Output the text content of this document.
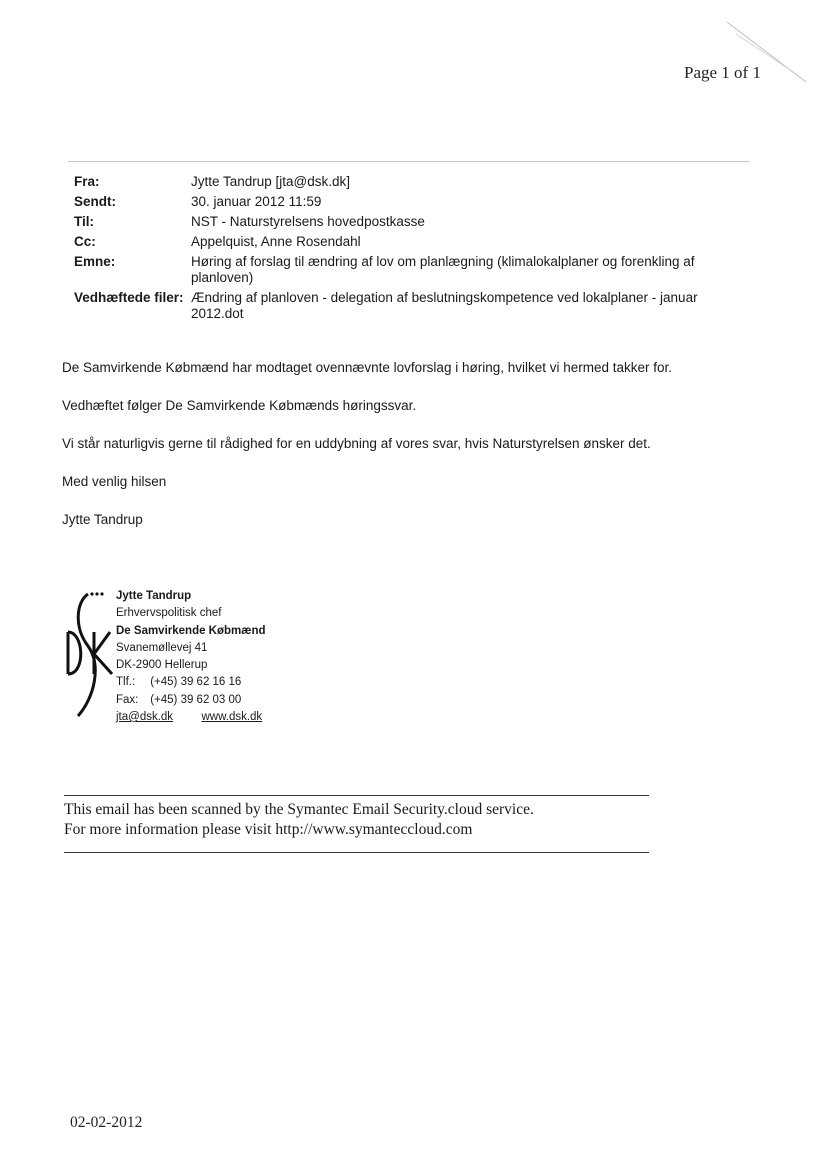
Page 1 of 1
Fra:	Jytte Tandrup [jta@dsk.dk]
Sendt:	30. januar 2012 11:59
Til:	NST - Naturstyrelsens hovedpostkasse
Cc:	Appelquist, Anne Rosendahl
Emne:	Høring af forslag til ændring af lov om planlægning (klimalokalplaner og forenkling af planloven)
Vedhæftede filer: Ændring af planloven - delegation af beslutningskompetence ved lokalplaner - januar 2012.dot

De Samvirkende Købmænd har modtaget ovennævnte lovforslag i høring, hvilket vi hermed takker for.

Vedhæftet følger De Samvirkende Købmænds høringssvar.

Vi står naturligvis gerne til rådighed for en uddybning af vores svar, hvis Naturstyrelsen ønsker det.

Med venlig hilsen

Jytte Tandrup

Jytte Tandrup
Erhvervspolitisk chef
De Samvirkende Købmænd
Svanemøllevej 41
DK-2900 Hellerup
Tlf.: (+45) 39 62 16 16
Fax: (+45) 39 62 03 00
jta@dsk.dk www.dsk.dk
This email has been scanned by the Symantec Email Security.cloud service.
For more information please visit http://www.symanteccloud.com
02-02-2012
